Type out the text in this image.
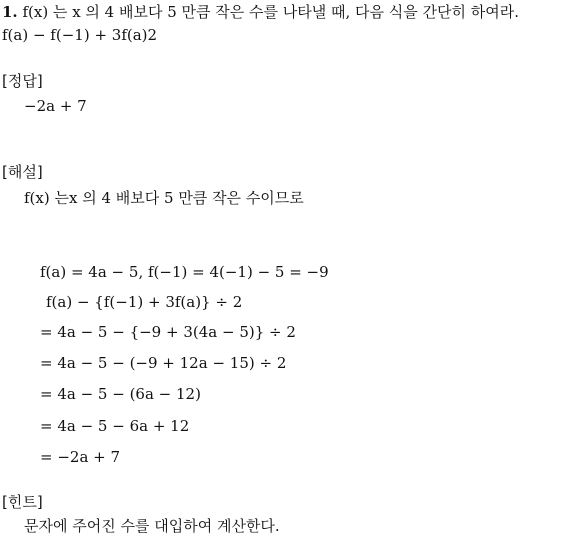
1. f(x) 는 x 의 4 배보다 5 만큼 작은 수를 나타낼 때, 다음 식을 간단히 하여라.
f(a) − f(−1) + 3f(a)2
[정답]
−2a + 7
[해설]
f(x) 는x 의 4 배보다 5 만큼 작은 수이므로
f(a) = 4a − 5, f(−1) = 4(−1) − 5 = −9
f(a) − {f(−1) + 3f(a)} ÷ 2
= 4a − 5 − {−9 + 3(4a − 5)} ÷ 2
= 4a − 5 − (−9 + 12a − 15) ÷ 2
= 4a − 5 − (6a − 12)
= 4a − 5 − 6a + 12
= −2a + 7
[힌트]
문자에 주어진 수를 대입하여 계산한다.
